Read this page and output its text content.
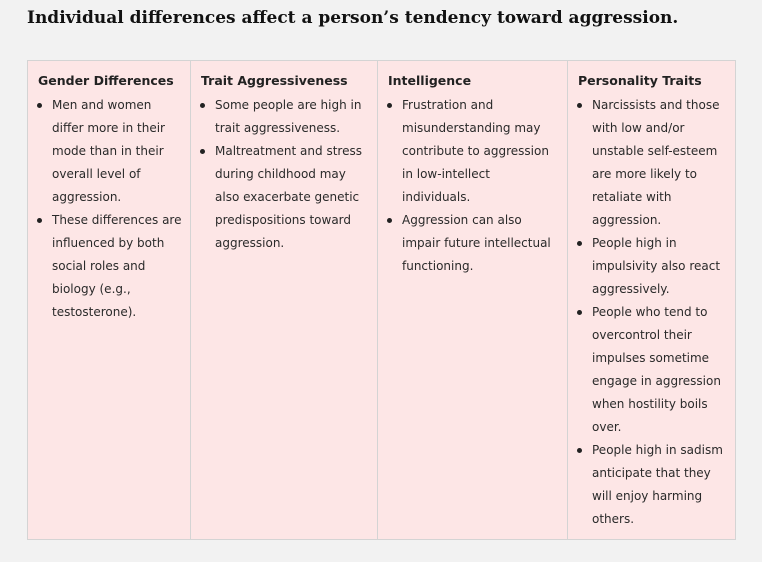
Individual differences affect a person’s tendency toward aggression.
Gender Differences
Men and women differ more in their mode than in their overall level of aggression.
These differences are influenced by both social roles and biology (e.g., testosterone).
Trait Aggressiveness
Some people are high in trait aggressiveness.
Maltreatment and stress during childhood may also exacerbate genetic predispositions toward aggression.
Intelligence
Frustration and misunderstanding may contribute to aggression in low-intellect individuals.
Aggression can also impair future intellectual functioning.
Personality Traits
Narcissists and those with low and/or unstable self-esteem are more likely to retaliate with aggression.
People high in impulsivity also react aggressively.
People who tend to overcontrol their impulses sometime engage in aggression when hostility boils over.
People high in sadism anticipate that they will enjoy harming others.
